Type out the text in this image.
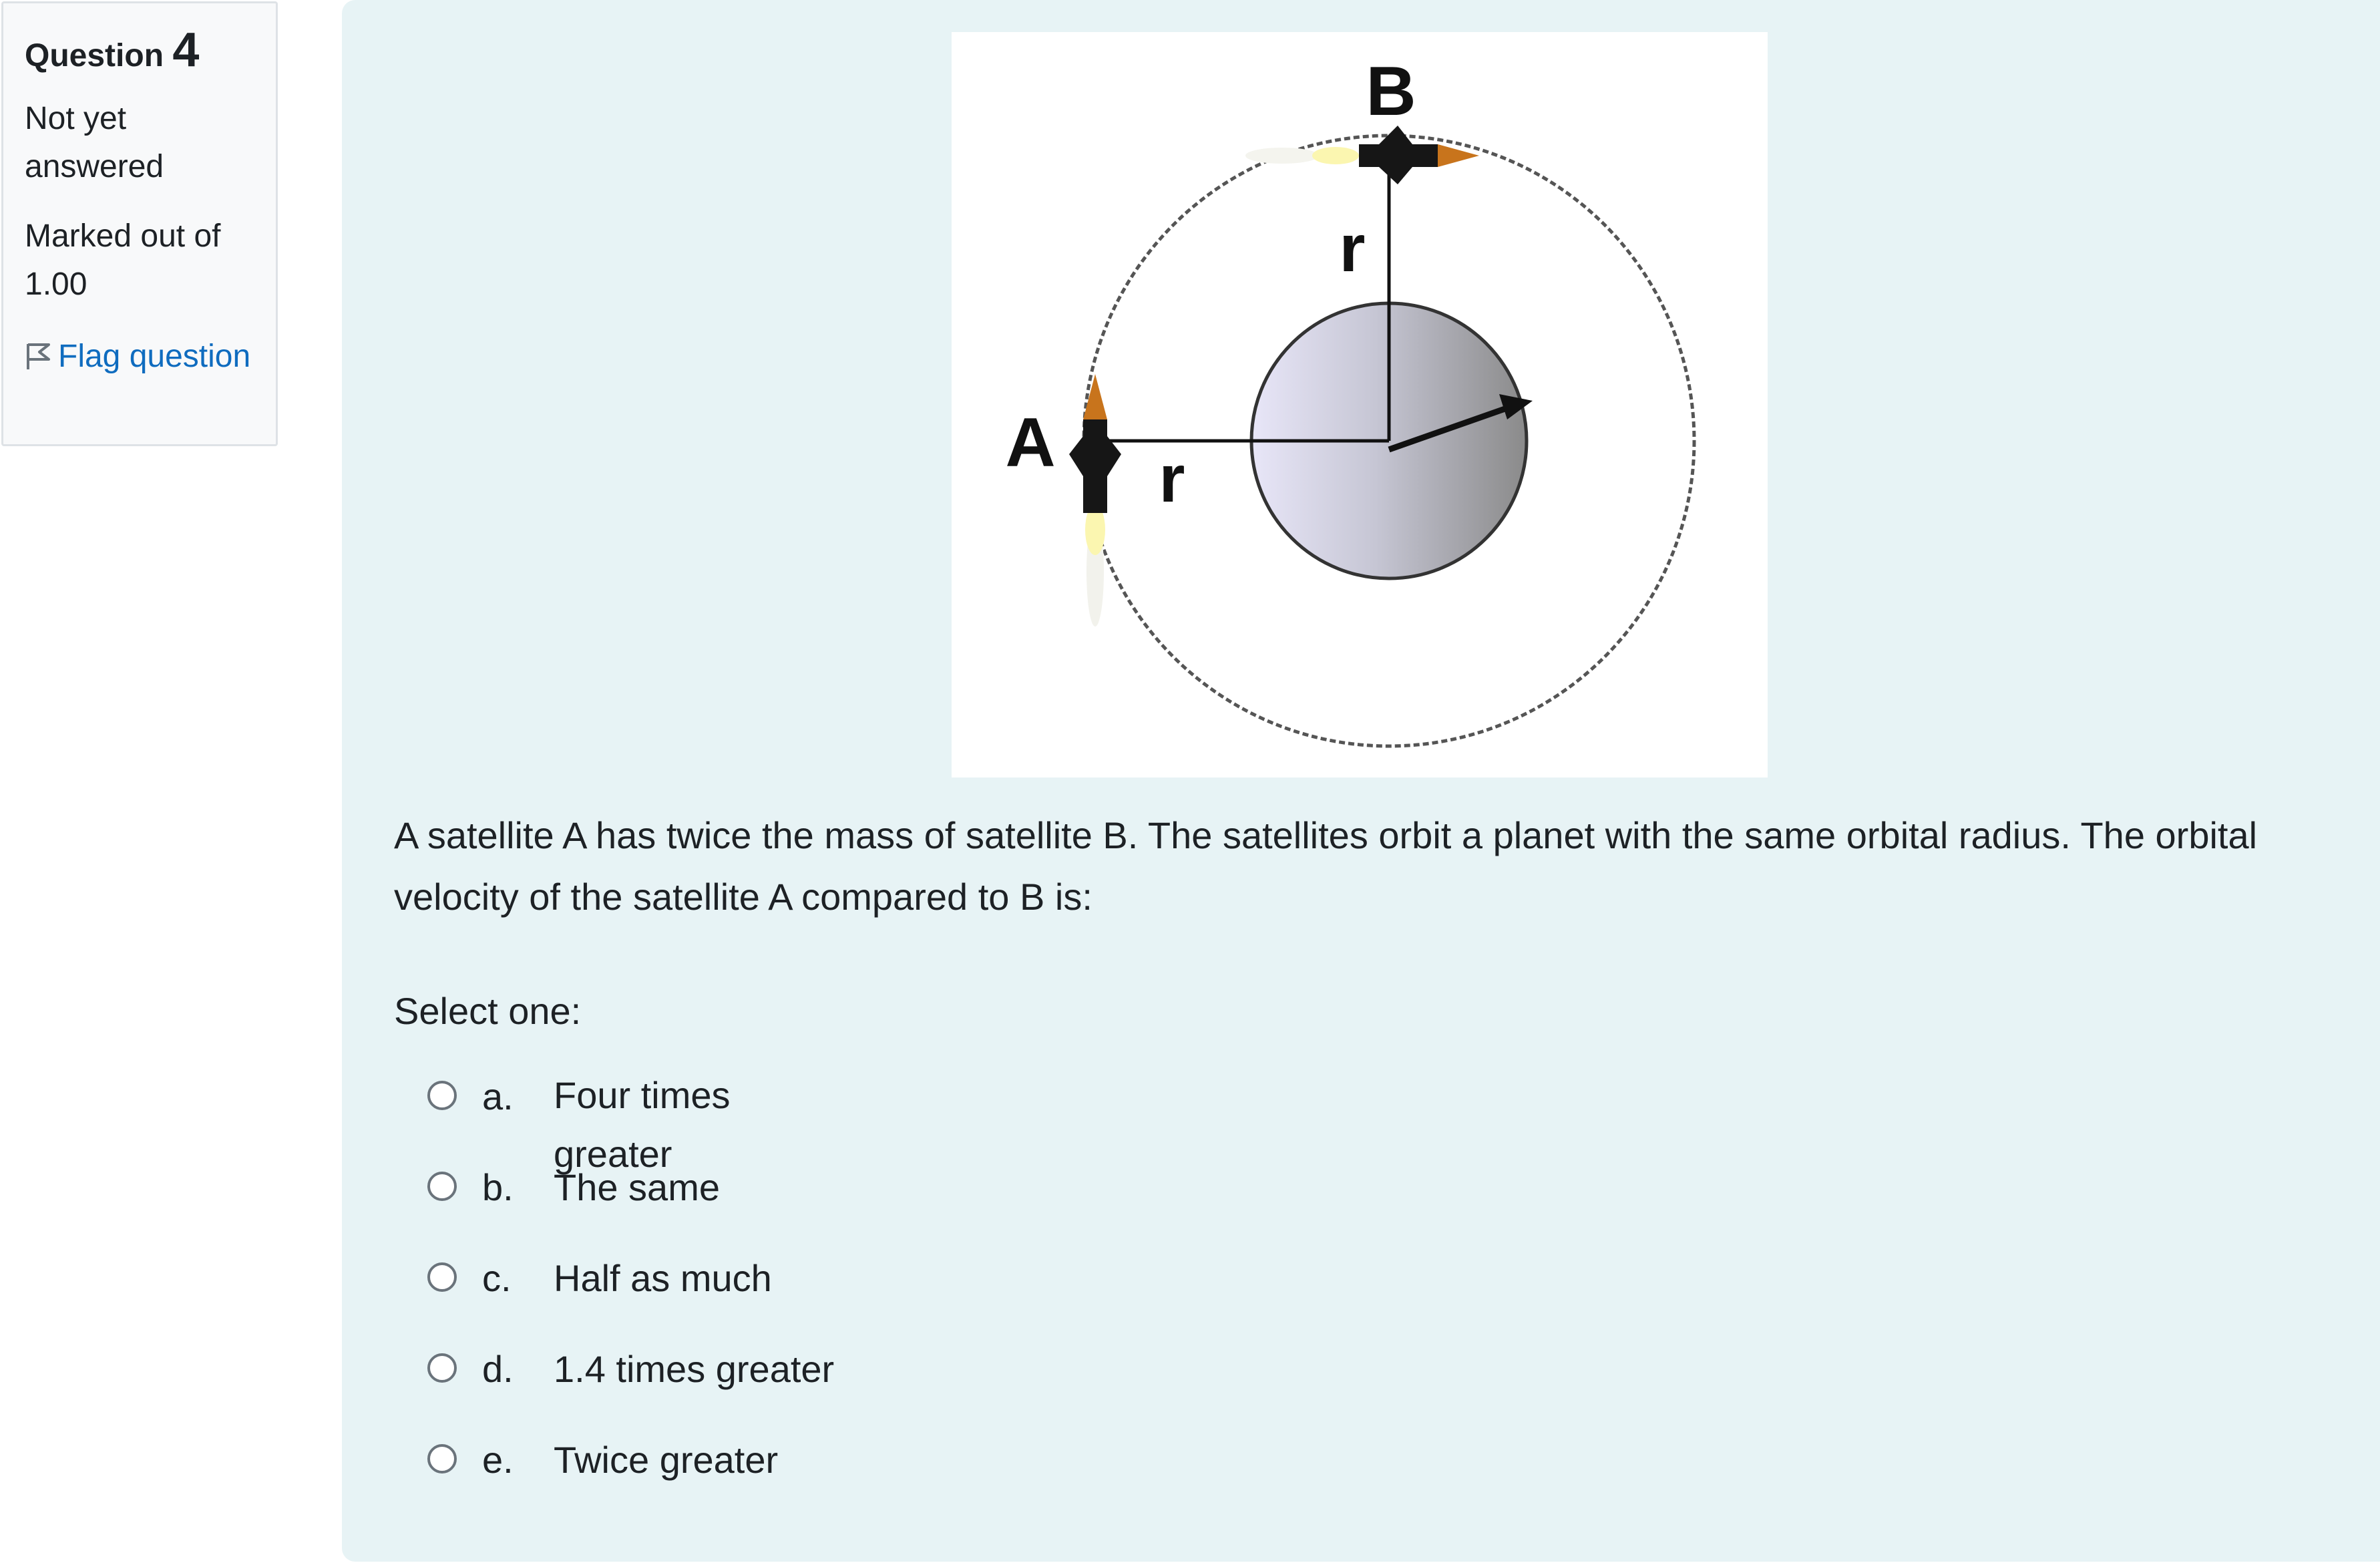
Question 4
Not yet answered
Marked out of 1.00
Flag question
B
A
r
r
A satellite A has twice the mass of satellite B. The satellites orbit a planet with the same orbital radius. The orbital velocity of the satellite A compared to B is:
Select one:
a. Four times greater
b. The same
c. Half as much
d. 1.4 times greater
e. Twice greater
